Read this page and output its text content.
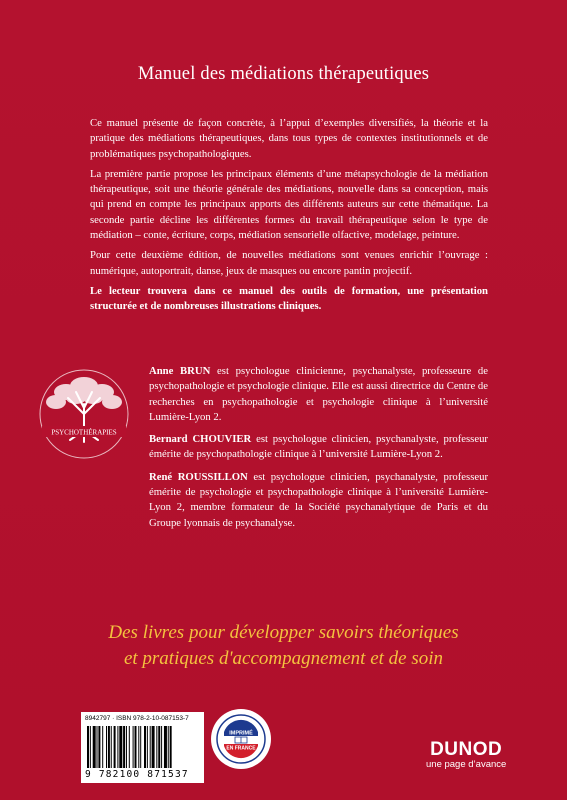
Manuel des médiations thérapeutiques

Ce manuel présente de façon concrète, à l’appui d’exemples diversifiés, la théorie et la pratique des médiations thérapeutiques, dans tous types de contextes institutionnels et de problématiques psychopathologiques.

La première partie propose les principaux éléments d’une métapsychologie de la médiation thérapeutique, soit une théorie générale des médiations, nouvelle dans sa conception, mais qui prend en compte les principaux apports des différents auteurs sur cette thématique. La seconde partie décline les différentes formes du travail thérapeutique selon le type de médiation – conte, écriture, corps, médiation sensorielle olfactive, modelage, peinture.

Pour cette deuxième édition, de nouvelles médiations sont venues enrichir l’ouvrage : numérique, autoportrait, danse, jeux de masques ou encore pantin projectif.

Le lecteur trouvera dans ce manuel des outils de formation, une présentation structurée et de nombreuses illustrations cliniques.

PSYCHOTHÉRAPIES

Anne BRUN est psychologue clinicienne, psychanalyste, professeure de psychopathologie et psychologie clinique. Elle est aussi directrice du Centre de recherches en psychopathologie et psychologie clinique à l’université Lumière-Lyon 2.

Bernard CHOUVIER est psychologue clinicien, psychanalyste, professeur émérite de psychopathologie clinique à l’université Lumière-Lyon 2.

René ROUSSILLON est psychologue clinicien, psychanalyste, professeur émérite de psychologie et psychopathologie clinique à l’université Lumière-Lyon 2, membre formateur de la Société psychanalytique de Paris et du Groupe lyonnais de psychanalyse.

Des livres pour développer savoirs théoriques
et pratiques d'accompagnement et de soin
8942797 · ISBN 978-2-10-087153-7
9 782100 871537
IMPRIMÉ
EN FRANCE	DUNOD
une page d’avance
